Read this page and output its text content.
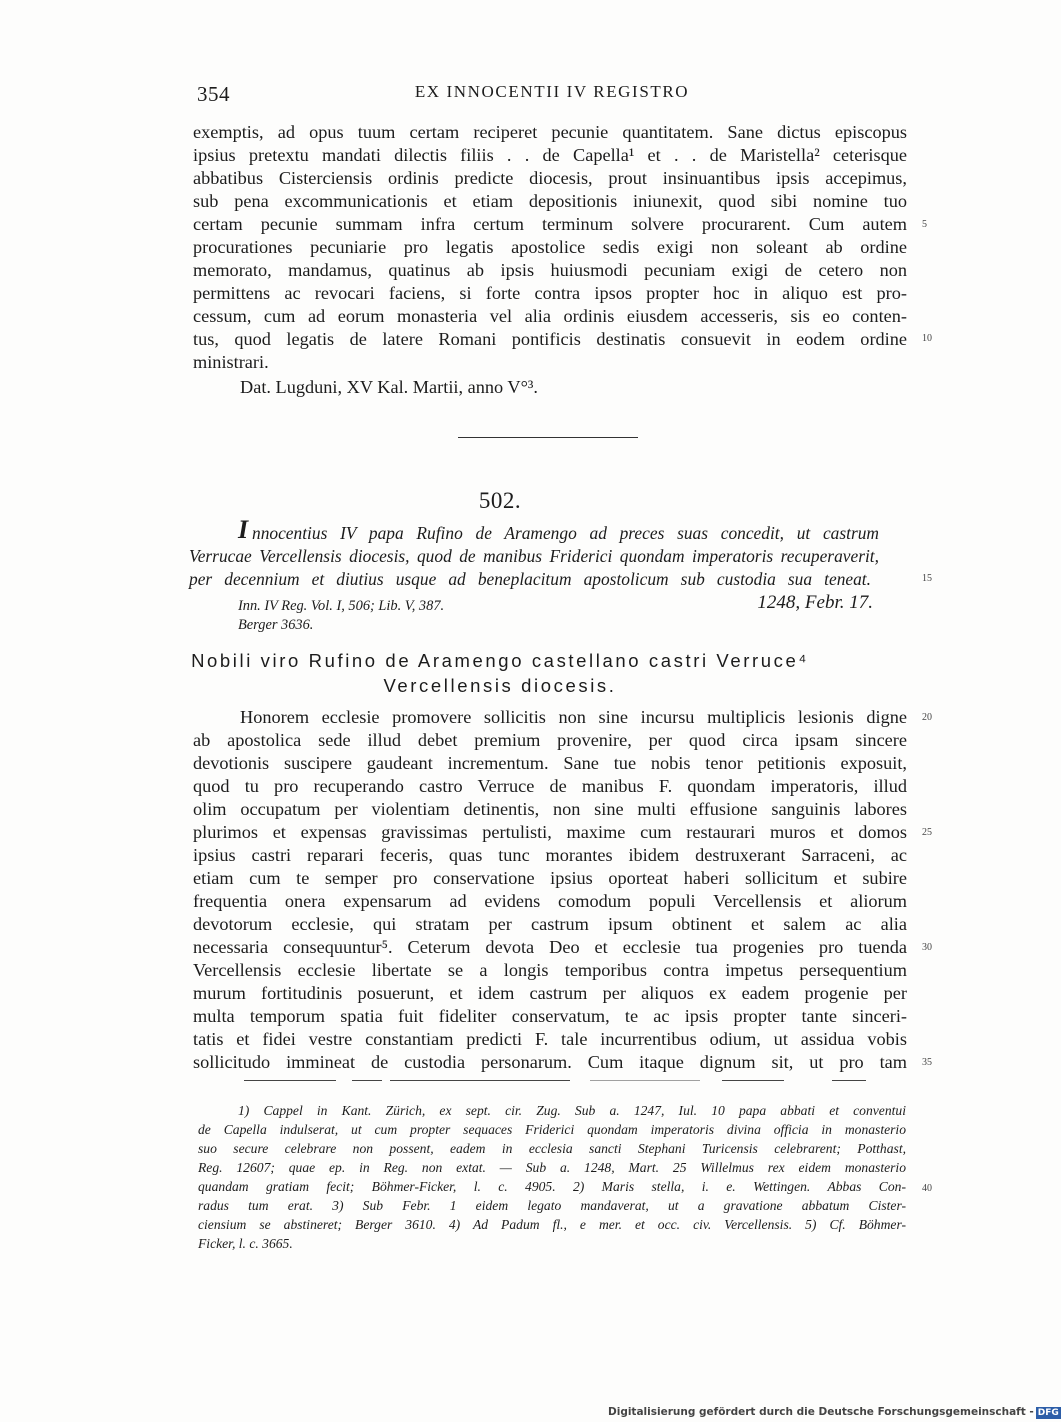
354	EX INNOCENTII IV REGISTRO
exemptis, ad opus tuum certam reciperet pecunie quantitatem. Sane dictus episcopus
ipsius pretextu mandati dilectis filiis . . de Capella¹ et . . de Maristella² ceterisque
abbatibus Cisterciensis ordinis predicte diocesis, prout insinuantibus ipsis accepimus,
sub pena excommunicationis et etiam depositionis iniunexit, quod sibi nomine tuo
certam pecunie summam infra certum terminum solvere procurarent. Cum autem
procurationes pecuniarie pro legatis apostolice sedis exigi non soleant ab ordine
memorato, mandamus, quatinus ab ipsis huiusmodi pecuniam exigi de cetero non
permittens ac revocari faciens, si forte contra ipsos propter hoc in aliquo est pro-
cessum, cum ad eorum monasteria vel alia ordinis eiusdem accesseris, sis eo conten-
tus, quod legatis de latere Romani pontificis destinatis consuevit in eodem ordine
ministrari.
Dat. Lugduni, XV Kal. Martii, anno V°³.
502.
I nnocentius IV papa Rufino de Aramengo ad preces suas concedit, ut castrum
Verrucae Vercellensis diocesis, quod de manibus Friderici quondam imperatoris recuperaverit,
per decennium et diutius usque ad beneplacitum apostolicum sub custodia sua teneat.
Inn. IV Reg. Vol. I, 506; Lib. V, 387.	1248, Febr. 17.
Berger 3636.
Nobili viro Rufino de Aramengo castellano castri Verruce⁴
Vercellensis diocesis.
Honorem ecclesie promovere sollicitis non sine incursu multiplicis lesionis digne
ab apostolica sede illud debet premium provenire, per quod circa ipsam sincere
devotionis suscipere gaudeant incrementum. Sane tue nobis tenor petitionis exposuit,
quod tu pro recuperando castro Verruce de manibus F. quondam imperatoris, illud
olim occupatum per violentiam detinentis, non sine multi effusione sanguinis labores
plurimos et expensas gravissimas pertulisti, maxime cum restaurari muros et domos
ipsius castri reparari feceris, quas tunc morantes ibidem destruxerant Sarraceni, ac
etiam cum te semper pro conservatione ipsius oporteat haberi sollicitum et subire
frequentia onera expensarum ad evidens comodum populi Vercellensis et aliorum
devotorum ecclesie, qui stratam per castrum ipsum obtinent et salem ac alia
necessaria consequuntur⁵. Ceterum devota Deo et ecclesie tua progenies pro tuenda
Vercellensis ecclesie libertate se a longis temporibus contra impetus persequentium
murum fortitudinis posuerunt, et idem castrum per aliquos ex eadem progenie per
multa temporum spatia fuit fideliter conservatum, te ac ipsis propter tante sinceri-
tatis et fidei vestre constantiam predicti F. tale incurrentibus odium, ut assidua vobis
sollicitudo immineat de custodia personarum. Cum itaque dignum sit, ut pro tam
5
10
15
20
25
30
35
40
1) Cappel in Kant. Zürich, ex sept. cir. Zug. Sub a. 1247, Iul. 10 papa abbati et conventui
de Capella indulserat, ut cum propter sequaces Friderici quondam imperatoris divina officia in monasterio
suo secure celebrare non possent, eadem in ecclesia sancti Stephani Turicensis celebrarent; Potthast,
Reg. 12607; quae ep. in Reg. non extat. — Sub a. 1248, Mart. 25 Willelmus rex eidem monasterio
quandam gratiam fecit; Böhmer-Ficker, l. c. 4905. 2) Maris stella, i. e. Wettingen. Abbas Con-
radus tum erat. 3) Sub Febr. 1 eidem legato mandaverat, ut a gravatione abbatum Cister-
ciensium se abstineret; Berger 3610. 4) Ad Padum fl., e mer. et occ. civ. Vercellensis. 5) Cf. Böhmer-
Ficker, l. c. 3665.
Digitalisierung gefördert durch die Deutsche Forschungsgemeinschaft - DFG
